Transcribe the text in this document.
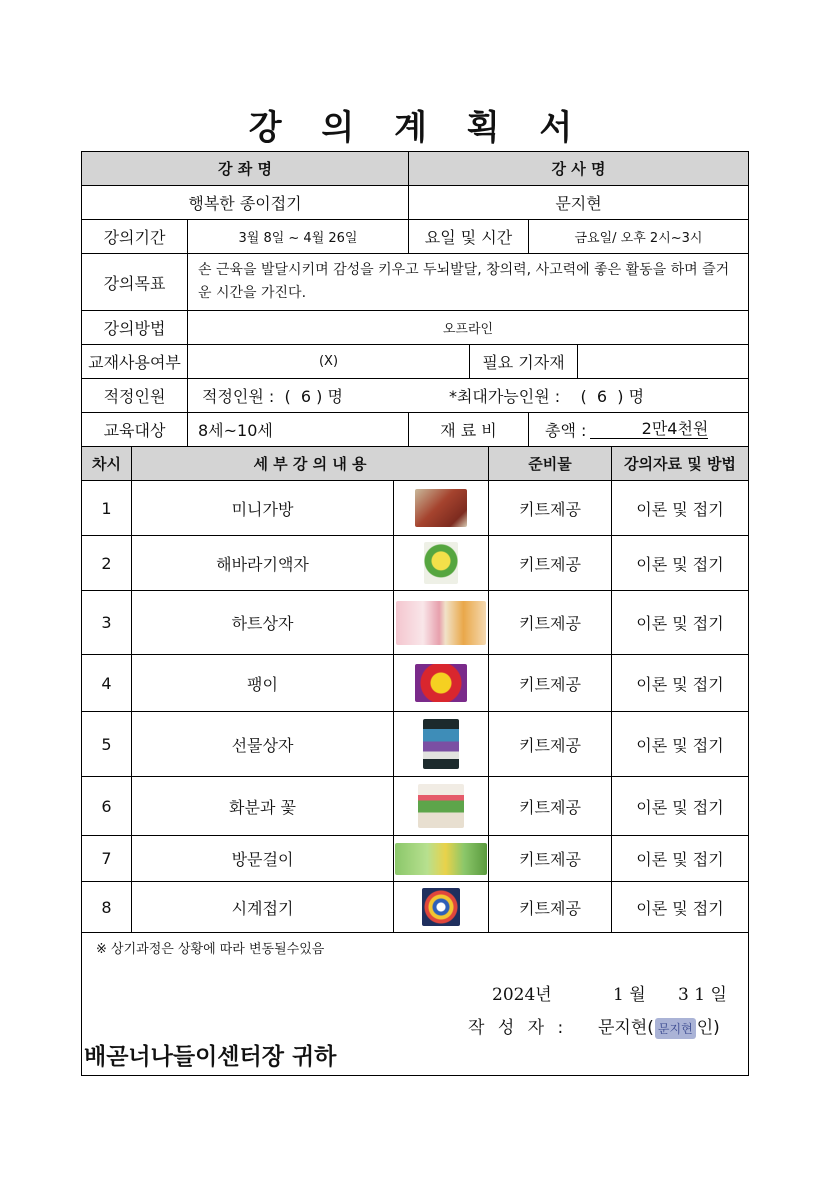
강 의 계 획 서
강 좌 명	강 사 명
행복한 종이접기	문지현
강의기간	3월 8일 ~ 4월 26일	요일 및 시간	금요일/ 오후 2시~3시
강의목표
손 근육을 발달시키며 감성을 키우고 두뇌발달, 창의력, 사고력에 좋은 활동을 하며 즐거운 시간을 가진다.
강의방법	오프라인
교재사용여부	(X)	필요 기자재
적정인원	적정인원 :  (  6 ) 명	*최대가능인원 :    (  6  ) 명
교육대상	8세~10세	재 료 비	총액 :	2만4천원
차시	세 부 강 의 내 용	준비물	강의자료 및 방법
1	미니가방	키트제공	이론 및 접기
2	해바라기액자	키트제공	이론 및 접기
3	하트상자	키트제공	이론 및 접기
4	팽이	키트제공	이론 및 접기
5	선물상자	키트제공	이론 및 접기
6	화분과 꽃	키트제공	이론 및 접기
7	방문걸이	키트제공	이론 및 접기
8	시계접기	키트제공	이론 및 접기
※ 상기과정은 상황에 따라 변동될수있음
2024년	1 월 3 1 일
작 성 자 : 문지현( 문지현 인)
배곧너나들이센터장 귀하
